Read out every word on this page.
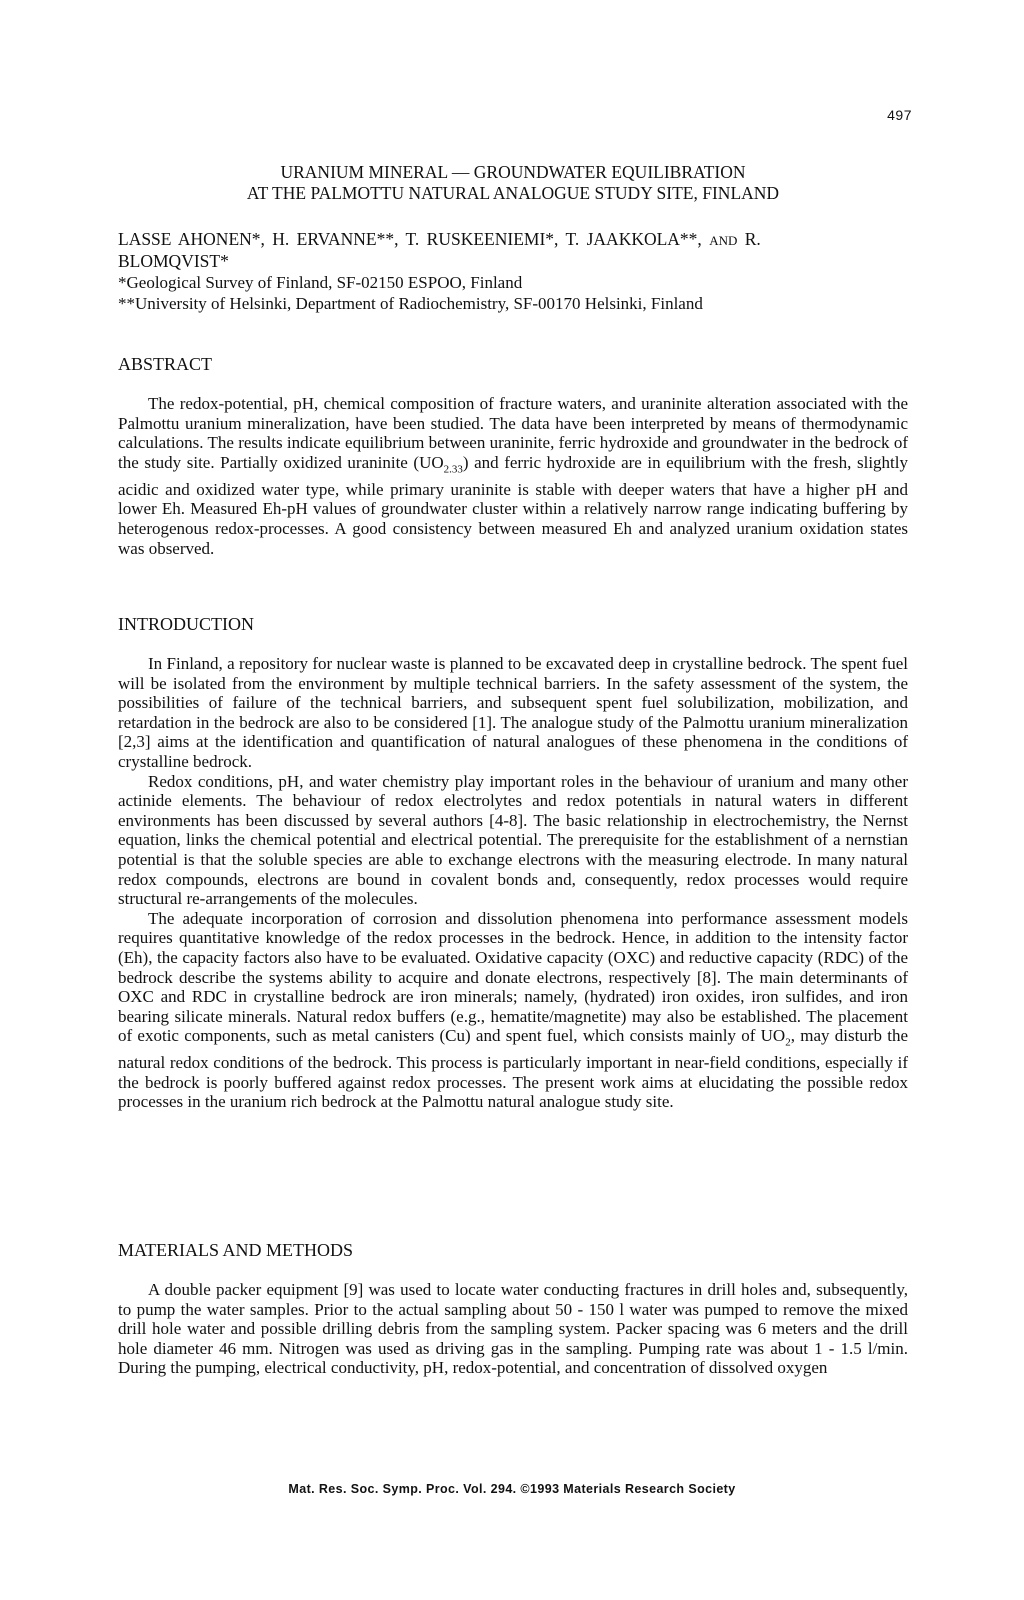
497
URANIUM MINERAL — GROUNDWATER EQUILIBRATION
AT THE PALMOTTU NATURAL ANALOGUE STUDY SITE, FINLAND
LASSE AHONEN*, H. ERVANNE**, T. RUSKEENIEMI*, T. JAAKKOLA**, AND R.
BLOMQVIST*
*Geological Survey of Finland, SF-02150 ESPOO, Finland
**University of Helsinki, Department of Radiochemistry, SF-00170 Helsinki, Finland
ABSTRACT

The redox-potential, pH, chemical composition of fracture waters, and uraninite alteration associated with the Palmottu uranium mineralization, have been studied. The data have been interpreted by means of thermodynamic calculations. The results indicate equilibrium between uraninite, ferric hydroxide and groundwater in the bedrock of the study site. Partially oxidized uraninite $(UO_{2.33})$ and ferric hydroxide are in equilibrium with the fresh, slightly acidic and oxidized water type, while primary uraninite is stable with deeper waters that have a higher pH and lower Eh. Measured Eh-pH values of groundwater cluster within a relatively narrow range indicating buffering by heterogenous redox-processes. A good consistency between measured Eh and analyzed uranium oxidation states was observed.

INTRODUCTION

In Finland, a repository for nuclear waste is planned to be excavated deep in crystalline bedrock. The spent fuel will be isolated from the environment by multiple technical barriers. In the safety assessment of the system, the possibilities of failure of the technical barriers, and subsequent spent fuel solubilization, mobilization, and retardation in the bedrock are also to be considered [1]. The analogue study of the Palmottu uranium mineralization [2,3] aims at the identification and quantification of natural analogues of these phenomena in the conditions of crystalline bedrock.

Redox conditions, pH, and water chemistry play important roles in the behaviour of uranium and many other actinide elements. The behaviour of redox electrolytes and redox potentials in natural waters in different environments has been discussed by several authors [4-8]. The basic relationship in electrochemistry, the Nernst equation, links the chemical potential and electrical potential. The prerequisite for the establishment of a nernstian potential is that the soluble species are able to exchange electrons with the measuring electrode. In many natural redox compounds, electrons are bound in covalent bonds and, consequently, redox processes would require structural re-arrangements of the molecules.

The adequate incorporation of corrosion and dissolution phenomena into performance assessment models requires quantitative knowledge of the redox processes in the bedrock. Hence, in addition to the intensity factor (Eh), the capacity factors also have to be evaluated. Oxidative capacity (OXC) and reductive capacity (RDC) of the bedrock describe the systems ability to acquire and donate electrons, respectively [8]. The main determinants of OXC and RDC in crystalline bedrock are iron minerals; namely, (hydrated) iron oxides, iron sulfides, and iron bearing silicate minerals. Natural redox buffers (e.g., hematite/magnetite) may also be established. The placement of exotic components, such as metal canisters (Cu) and spent fuel, which consists mainly of $UO_2$, may disturb the natural redox conditions of the bedrock. This process is particularly important in near-field conditions, especially if the bedrock is poorly buffered against redox processes. The present work aims at elucidating the possible redox processes in the uranium rich bedrock at the Palmottu natural analogue study site.

MATERIALS AND METHODS

A double packer equipment [9] was used to locate water conducting fractures in drill holes and, subsequently, to pump the water samples. Prior to the actual sampling about 50 - 150 l water was pumped to remove the mixed drill hole water and possible drilling debris from the sampling system. Packer spacing was 6 meters and the drill hole diameter 46 mm. Nitrogen was used as driving gas in the sampling. Pumping rate was about 1 - 1.5 l/min. During the pumping, electrical conductivity, pH, redox-potential, and concentration of dissolved oxygen

Mat. Res. Soc. Symp. Proc. Vol. 294. ©1993 Materials Research Society
